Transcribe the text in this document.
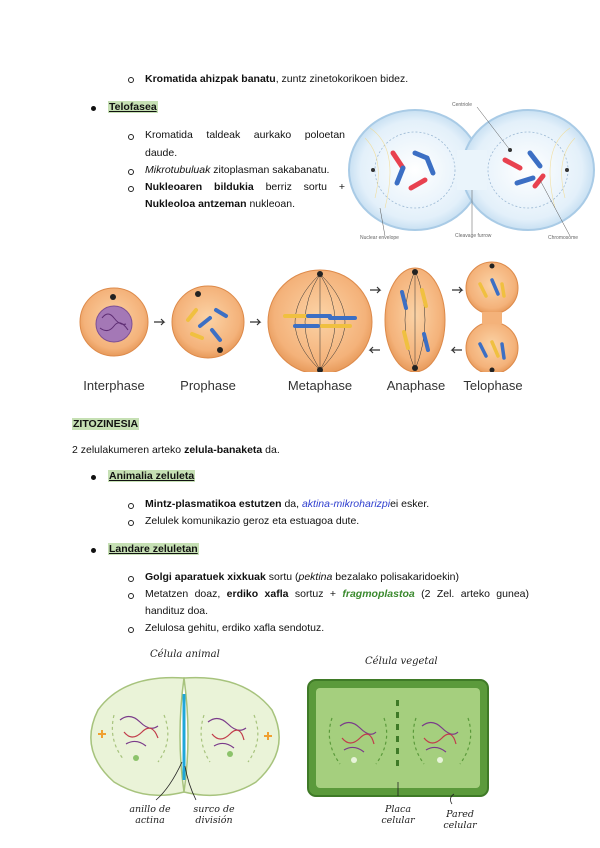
Kromatida ahizpak banatu, zuntz zinetokorikoen bidez.
Telofasea
Kromatida taldeak aurkako poloetan
daude.
Mikrotubuluak zitoplasman sakabanatu.
Nukleoaren bildukia berriz sortu +
Nukleoloa antzeman nukleoan.
Centriole
Nuclear envelope	Cleavage furrow	Chromosome
Interphase	Prophase	Metaphase	Anaphase	Telophase
ZITOZINESIA
2 zelulakumeren arteko zelula-banaketa da.
Animalia zeluleta
Mintz-plasmatikoa estutzen da, aktina-mikroharizpiei esker.
Zelulek komunikazio geroz eta estuagoa dute.
Landare zeluletan
Golgi aparatuek xixkuak sortu (pektina bezalako polisakaridoekin)
Metatzen doaz, erdiko xafla sortuz + fragmoplastoa (2 Zel. arteko gunea)
handituz doa.
Zelulosa gehitu, erdiko xafla sendotuz.
Célula animal
Célula vegetal
anillo de
actina
surco de
división
Placa
celular
Pared
celular
